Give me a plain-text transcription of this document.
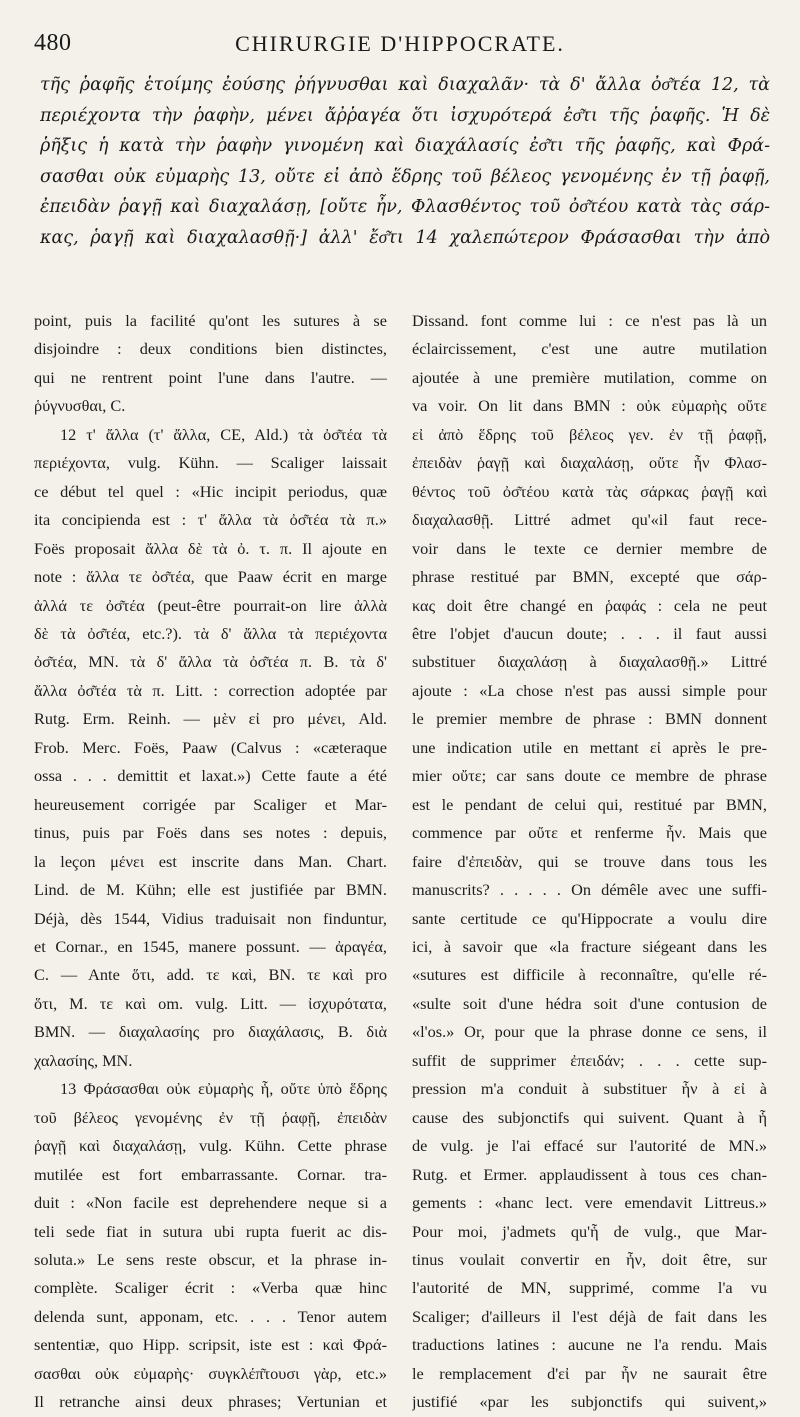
480	CHIRURGIE D'HIPPOCRATE.
τῆς ῥαφῆς ἑτοίμης ἐούσης ῥήγνυσθαι καὶ διαχαλᾶν· τὰ δ' ἄλλα ὀσ͂τέα 12, τὰ
περιέχοντα τὴν ῥαφὴν, μένει ἄῤῥαγέα ὅτι ἰσχυρότερά ἐσ͂τι τῆς ῥαφῆς. Ἡ δὲ
ῥῆξις ἡ κατὰ τὴν ῥαφὴν γινομένη καὶ διαχάλασίς ἐσ͂τι τῆς ῥαφῆς, καὶ Φρά-
σασθαι οὐκ εὐμαρὴς 13, οὔτε εἰ ἀπὸ ἕδρης τοῦ βέλεος γενομένης ἐν τῇ ῥαφῇ,
ἐπειδὰν ῥαγῇ καὶ διαχαλάσῃ, [οὔτε ἦν, Φλασθέντος τοῦ ὀσ͂τέου κατὰ τὰς σάρ-
κας, ῥαγῇ καὶ διαχαλασθῇ·] ἀλλ' ἔσ͂τι 14 χαλεπώτερον Φράσασθαι τὴν ἀπὸ
point, puis la facilité qu'ont les sutures à se
disjoindre : deux conditions bien distinctes,
qui ne rentrent point l'une dans l'autre. —
ῥύγνυσθαι, C.
12 τ' ἄλλα (τ' ἄλλα, CE, Ald.) τὰ ὀσ͂τέα τὰ
περιέχοντα, vulg. Kühn. — Scaliger laissait
ce début tel quel : «Hic incipit periodus, quæ
ita concipienda est : τ' ἄλλα τὰ ὀσ͂τέα τὰ π.»
Foës proposait ἄλλα δὲ τὰ ὀ. τ. π. Il ajoute en
note : ἄλλα τε ὀσ͂τέα, que Paaw écrit en marge
ἀλλά τε ὀσ͂τέα (peut-être pourrait-on lire ἀλλὰ
δὲ τὰ ὀσ͂τέα, etc.?). τὰ δ' ἄλλα τὰ περιέχοντα
ὀσ͂τέα, MN. τὰ δ' ἄλλα τὰ ὀσ͂τέα π. B. τὰ δ'
ἄλλα ὀσ͂τέα τὰ π. Litt. : correction adoptée par
Rutg. Erm. Reinh. — μὲν εἰ pro μένει, Ald.
Frob. Merc. Foës, Paaw (Calvus : «cæteraque
ossa . . . demittit et laxat.») Cette faute a été
heureusement corrigée par Scaliger et Mar-
tinus, puis par Foës dans ses notes : depuis,
la leçon μένει est inscrite dans Man. Chart.
Lind. de M. Kühn; elle est justifiée par BMN.
Déjà, dès 1544, Vidius traduisait non finduntur,
et Cornar., en 1545, manere possunt. — ἀραγέα,
C. — Ante ὅτι, add. τε καὶ, BN. τε καὶ pro
ὅτι, M. τε καὶ om. vulg. Litt. — ἰσχυρότατα,
BMN. — διαχαλασίης pro διαχάλασις, B. διὰ
χαλασίης, MN.
13 Φράσασθαι οὐκ εὐμαρὴς ἧ, οὔτε ὑπὸ ἕδρης
τοῦ βέλεος γενομένης ἐν τῇ ῥαφῇ, ἐπειδὰν
ῥαγῇ καὶ διαχαλάσῃ, vulg. Kühn. Cette phrase
mutilée est fort embarrassante. Cornar. tra-
duit : «Non facile est deprehendere neque si a
teli sede fiat in sutura ubi rupta fuerit ac dis-
soluta.» Le sens reste obscur, et la phrase in-
complète. Scaliger écrit : «Verba quæ hinc
delenda sunt, apponam, etc. . . . Tenor autem
sententiæ, quo Hipp. scripsit, iste est : καὶ Φρά-
σασθαι οὐκ εὐμαρὴς· συγκλέπ͂τουσι γὰρ, etc.»
Il retranche ainsi deux phrases; Vertunian et
Dissand. font comme lui : ce n'est pas là un
éclaircissement, c'est une autre mutilation
ajoutée à une première mutilation, comme on
va voir. On lit dans BMN : οὐκ εὐμαρὴς οὔτε
εἰ ἀπὸ ἕδρης τοῦ βέλεος γεν. ἐν τῇ ῥαφῇ,
ἐπειδὰν ῥαγῇ καὶ διαχαλάσῃ, οὔτε ἦν Φλασ-
θέντος τοῦ ὀσ͂τέου κατὰ τὰς σάρκας ῥαγῇ καὶ
διαχαλασθῇ. Littré admet qu'«il faut rece-
voir dans le texte ce dernier membre de
phrase restitué par BMN, excepté que σάρ-
κας doit être changé en ῥαφάς : cela ne peut
être l'objet d'aucun doute; . . . il faut aussi
substituer διαχαλάσῃ à διαχαλασθῇ.» Littré
ajoute : «La chose n'est pas aussi simple pour
le premier membre de phrase : BMN donnent
une indication utile en mettant εἰ après le pre-
mier οὔτε; car sans doute ce membre de phrase
est le pendant de celui qui, restitué par BMN,
commence par οὔτε et renferme ἦν. Mais que
faire d'ἐπειδὰν, qui se trouve dans tous les
manuscrits? . . . . . On démêle avec une suffi-
sante certitude ce qu'Hippocrate a voulu dire
ici, à savoir que «la fracture siégeant dans les
«sutures est difficile à reconnaître, qu'elle ré-
«sulte soit d'une hédra soit d'une contusion de
«l'os.» Or, pour que la phrase donne ce sens, il
suffit de supprimer ἐπειδάν; . . . cette sup-
pression m'a conduit à substituer ἦν à εἰ à
cause des subjonctifs qui suivent. Quant à ἧ
de vulg. je l'ai effacé sur l'autorité de MN.»
Rutg. et Ermer. applaudissent à tous ces chan-
gements : «hanc lect. vere emendavit Littreus.»
Pour moi, j'admets qu'ἧ de vulg., que Mar-
tinus voulait convertir en ἦν, doit être, sur
l'autorité de MN, supprimé, comme l'a vu
Scaliger; d'ailleurs il l'est déjà de fait dans les
traductions latines : aucune ne l'a rendu. Mais
le remplacement d'εἰ par ἦν ne saurait être
justifié «par les subjonctifs qui suivent,»
